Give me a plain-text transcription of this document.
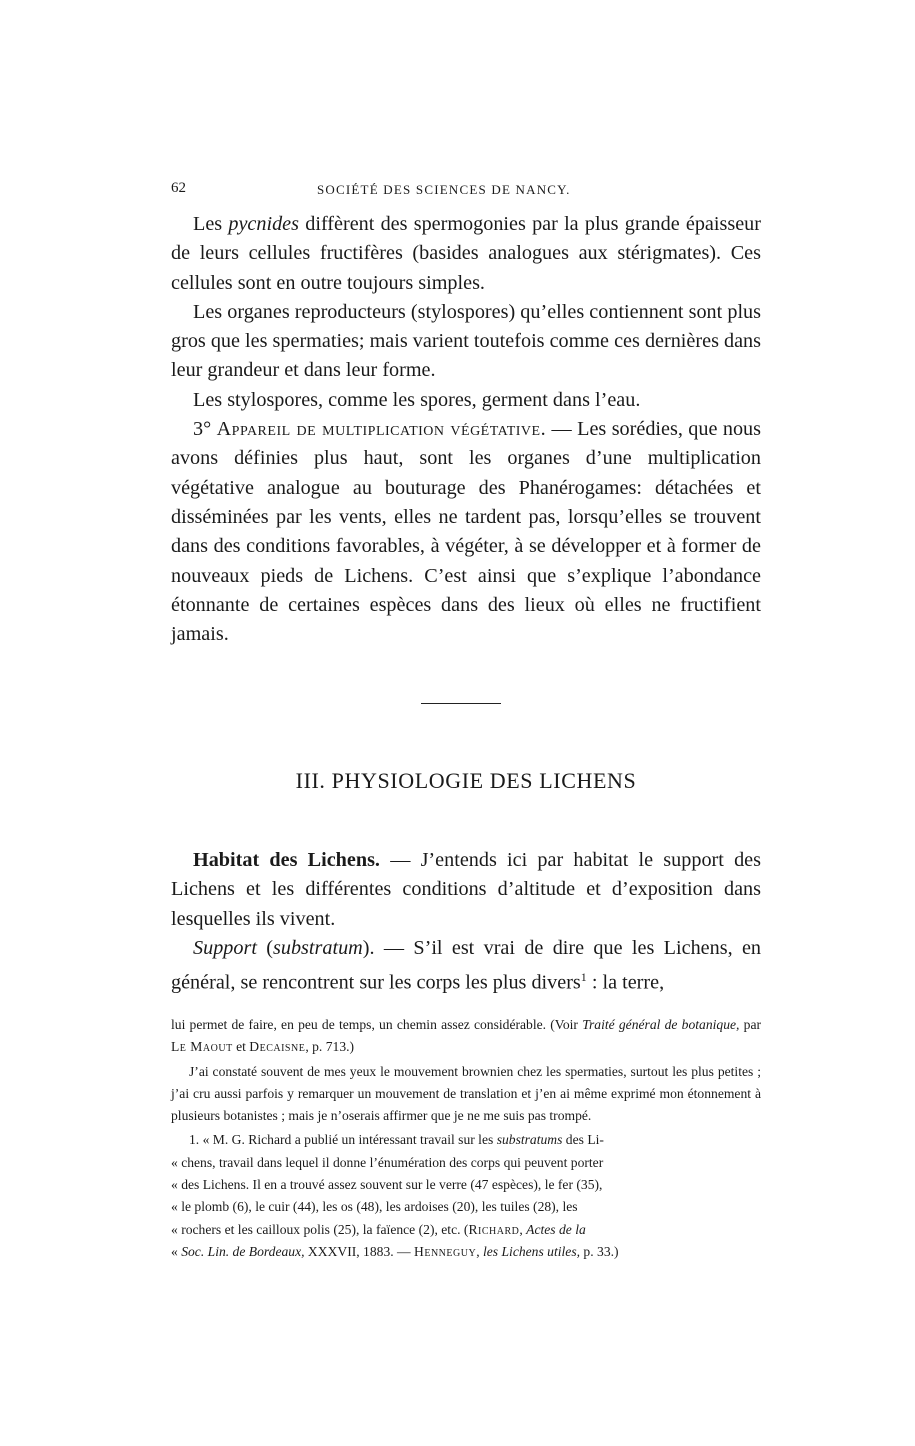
62	SOCIÉTÉ DES SCIENCES DE NANCY.

Les pycnides diffèrent des spermogonies par la plus grande épaisseur de leurs cellules fructifères (basides analogues aux stérigmates). Ces cellules sont en outre toujours simples.

Les organes reproducteurs (stylospores) qu’elles contiennent sont plus gros que les spermaties; mais varient toutefois comme ces dernières dans leur grandeur et dans leur forme.

Les stylospores, comme les spores, germent dans l’eau.

3° Appareil de multiplication végétative. — Les sorédies, que nous avons définies plus haut, sont les organes d’une multiplication végétative analogue au bouturage des Phanérogames: détachées et disséminées par les vents, elles ne tardent pas, lorsqu’elles se trouvent dans des conditions favorables, à végéter, à se développer et à former de nouveaux pieds de Lichens. C’est ainsi que s’explique l’abondance étonnante de certaines espèces dans des lieux où elles ne fructifient jamais.

III. PHYSIOLOGIE DES LICHENS

Habitat des Lichens. — J’entends ici par habitat le support des Lichens et les différentes conditions d’altitude et d’exposition dans lesquelles ils vivent.

Support (substratum). — S’il est vrai de dire que les Lichens, en général, se rencontrent sur les corps les plus divers$^1$ : la terre,

lui permet de faire, en peu de temps, un chemin assez considérable. (Voir Traité général de botanique, par Le Maout et Decaisne, p. 713.)

J’ai constaté souvent de mes yeux le mouvement brownien chez les spermaties, surtout les plus petites ; j’ai cru aussi parfois y remarquer un mouvement de translation et j’en ai même exprimé mon étonnement à plusieurs botanistes ; mais je n’oserais affirmer que je ne me suis pas trompé.

1. « M. G. Richard a publié un intéressant travail sur les substratums des Li-
« chens, travail dans lequel il donne l’énumération des corps qui peuvent porter
« des Lichens. Il en a trouvé assez souvent sur le verre (47 espèces), le fer (35),
« le plomb (6), le cuir (44), les os (48), les ardoises (20), les tuiles (28), les
« rochers et les cailloux polis (25), la faïence (2), etc. (Richard, Actes de la
« Soc. Lin. de Bordeaux, XXXVII, 1883. — Henneguy, les Lichens utiles, p. 33.)
